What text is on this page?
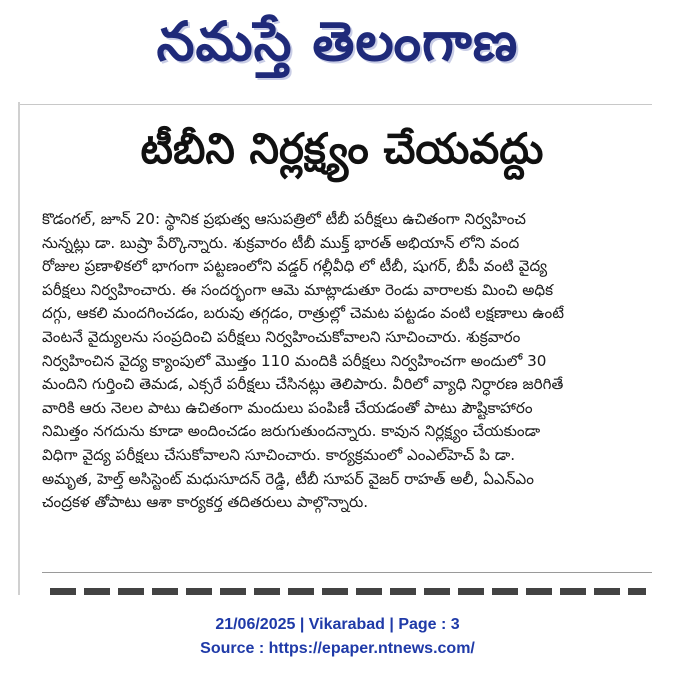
నమస్తే తెలంగాణ
టీబీని నిర్లక్ష్యం చేయవద్దు
కొడంగల్, జూన్ 20: స్థానిక ప్రభుత్వ ఆసుపత్రిలో టీబీ పరీక్షలు ఉచితంగా నిర్వహించ
నున్నట్లు డా. బుష్రా పేర్కొన్నారు. శుక్రవారం టీబీ ముక్త్ భారత్ అభియాన్ లోని వంద
రోజుల ప్రణాళికలో భాగంగా పట్టణంలోని వడ్డర్ గల్లీవీధి లో టీబీ, షుగర్, బీపీ వంటి వైద్య
పరీక్షలు నిర్వహించారు. ఈ సందర్భంగా ఆమె మాట్లాడుతూ రెండు వారాలకు మించి అధిక
దగ్గు, ఆకలి మందగించడం, బరువు తగ్గడం, రాత్రుల్లో చెమట పట్టడం వంటి లక్షణాలు ఉంటే
వెంటనే వైద్యులను సంప్రదించి పరీక్షలు నిర్వహించుకోవాలని సూచించారు. శుక్రవారం
నిర్వహించిన వైద్య క్యాంపులో మొత్తం 110 మందికి పరీక్షలు నిర్వహించగా అందులో 30
మందిని గుర్తించి తెమడ, ఎక్సరే పరీక్షలు చేసినట్లు తెలిపారు. వీరిలో వ్యాధి నిర్ధారణ జరిగితే
వారికి ఆరు నెలల పాటు ఉచితంగా మందులు పంపిణీ చేయడంతో పాటు పౌష్టికాహారం
నిమిత్తం నగదును కూడా అందించడం జరుగుతుందన్నారు. కావున నిర్లక్ష్యం చేయకుండా
విధిగా వైద్య పరీక్షలు చేసుకోవాలని సూచించారు. కార్యక్రమంలో ఎంఎల్‌హెచ్ పి డా.
అమృత, హెల్త్ అసిస్టెంట్ మధుసూదన్ రెడ్డి, టీబీ సూపర్ వైజర్ రాహత్ అలీ, ఏఎన్ఎం
చంద్రకళ తోపాటు ఆశా కార్యకర్త తదితరులు పాల్గొన్నారు.
21/06/2025 | Vikarabad | Page : 3
Source : https://epaper.ntnews.com/
